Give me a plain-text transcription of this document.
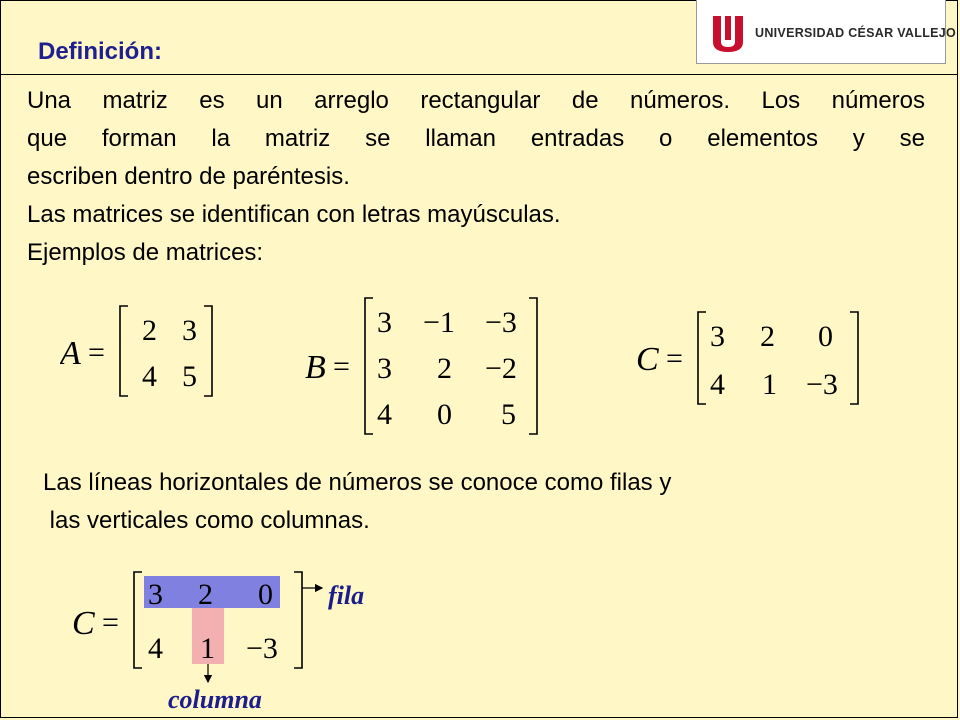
UNIVERSIDAD CÉSAR VALLEJO
Definición:
Una matriz es un arreglo rectangular de números. Los números
que forman la matriz se llaman entradas o elementos y se
escriben dentro de paréntesis.
Las matrices se identifican con letras mayúsculas.
Ejemplos de matrices:
A =
2 3
4 5	B =
3 −1 −3
3 2 −2
4 0 5
C =
3 2 0
4 1 −3
Las líneas horizontales de números se conoce como filas y
las verticales como columnas.
C =
3 2 0
4 1 −3
fila
columna
